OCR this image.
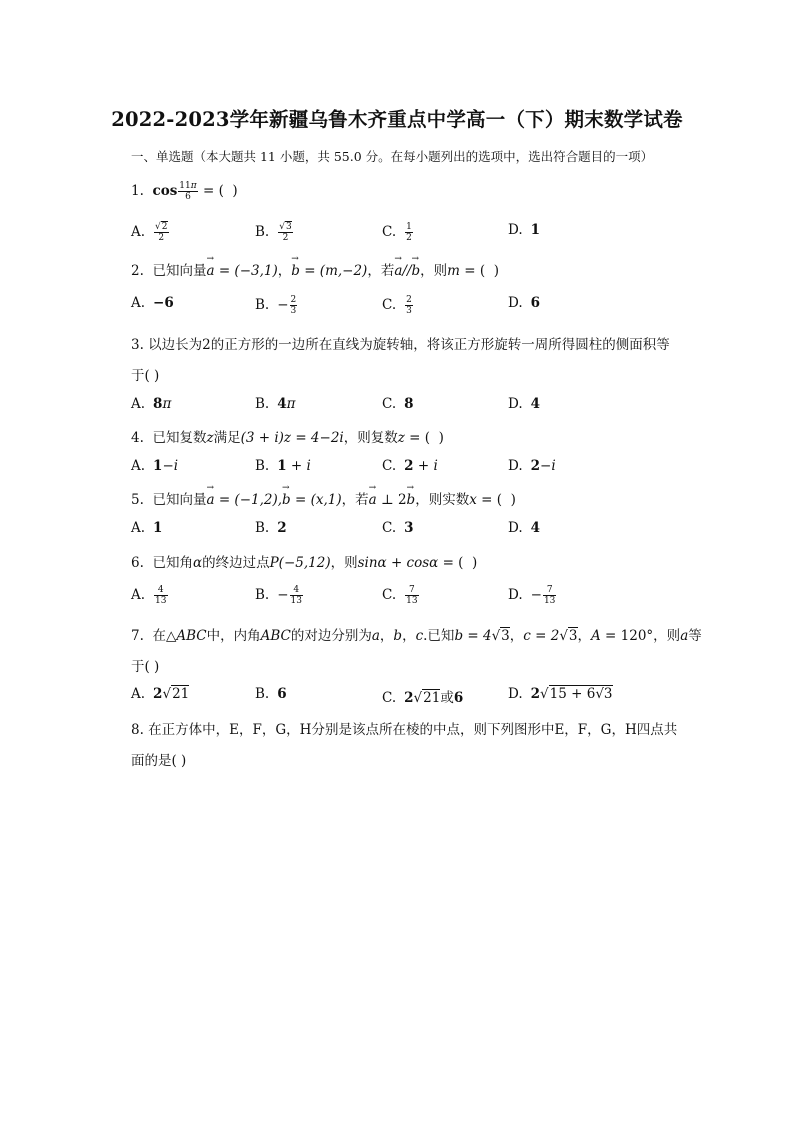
2022-2023学年新疆乌鲁木齐重点中学高一（下）期末数学试卷
一、单选题（本大题共 11 小题，共 55.0 分。在每小题列出的选项中，选出符合题目的一项）
1.  $\cos \frac{11\pi}{6}$ = (  )
A. $\frac{√2}{2}$	B. $\frac{√3}{2}$	C. $\frac{1}{2}$	D. 1
2.  已知向量→ a = (−3,1)，→ b = (m,−2)，若→ a//→ b，则m = (  )
A. −6	B. − $\frac{2}{3}$	C. $\frac{2}{3}$	D. 6
3. 以边长为2的正方形的一边所在直线为旋转轴，将该正方形旋转一周所得圆柱的侧面积等
于( )
A. 8π	B. 4π	C. 8	D. 4
4.  已知复数z满足(3 + i)z = 4−2i，则复数z = (  )
A. 1−i	B. 1 + i	C. 2 + i	D. 2−i
5.  已知向量→ a = (−1,2),→ b = (x,1)，若→ a ⊥ 2→ b，则实数x = (  )
A. 1	B. 2	C. 3	D. 4
6.  已知角α的终边过点P(−5,12)，则sinα + cosα = (  )
A. $\frac{4}{13}$	B. − $\frac{4}{13}$	C. $\frac{7}{13}$	D. − $\frac{7}{13}$
7.  在△ABC中，内角ABC的对边分别为a，b，c.已知b = 4√3，c = 2√3，A = 120°，则a等
于( )
A. 2√21	B. 6	C. 2√21或6	D. 2√15 + 6√3
8. 在正方体中，E，F，G，H分别是该点所在棱的中点，则下列图形中E，F，G，H四点共
面的是( )
